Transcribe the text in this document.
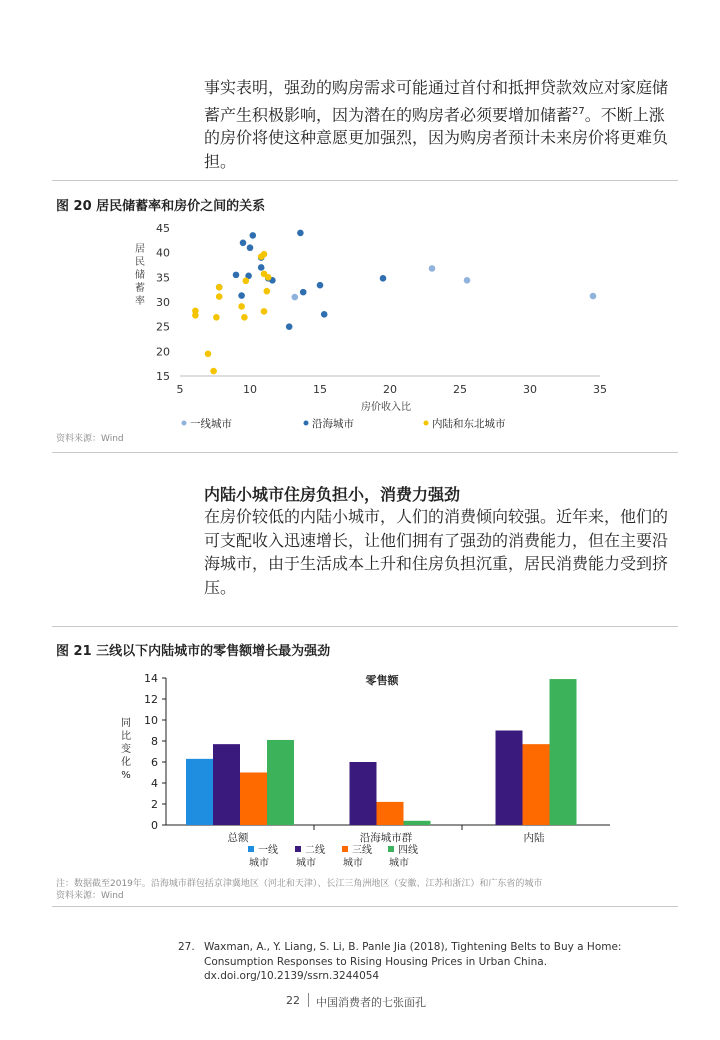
事实表明，强劲的购房需求可能通过首付和抵押贷款效应对家庭储蓄产生积极影响，因为潜在的购房者必须要增加储蓄$^{27}$。不断上涨的房价将使这种意愿更加强烈，因为购房者预计未来房价将更难负担。

图 20 居民储蓄率和房价之间的关系
5	10	15	20	25	30	35
15
20
25
30
35
40
45
房价收入比
居民储蓄率
一线城市	沿海城市	内陆和东北城市
资料来源：Wind
内陆小城市住房负担小，消费力强劲

在房价较低的内陆小城市，人们的消费倾向较强。近年来，他们的可支配收入迅速增长，让他们拥有了强劲的消费能力，但在主要沿海城市，由于生活成本上升和住房负担沉重，居民消费能力受到挤压。

图 21 三线以下内陆城市的零售额增长最为强劲
0
2
4
6
8
10
12
14	零售额
同比变化%
总额	沿海城市群	内陆
一线城市
二线城市
三线城市
四线城市
注：数据截至2019年。沿海城市群包括京津冀地区（河北和天津）、长江三角洲地区（安徽、江苏和浙江）和广东省的城市
资料来源：Wind
27. Waxman, A., Y. Liang, S. Li, B. Panle Jia (2018), Tightening Belts to Buy a Home: Consumption Responses to Rising Housing Prices in Urban China. dx.doi.org/10.2139/ssrn.3244054
22 中国消费者的七张面孔
